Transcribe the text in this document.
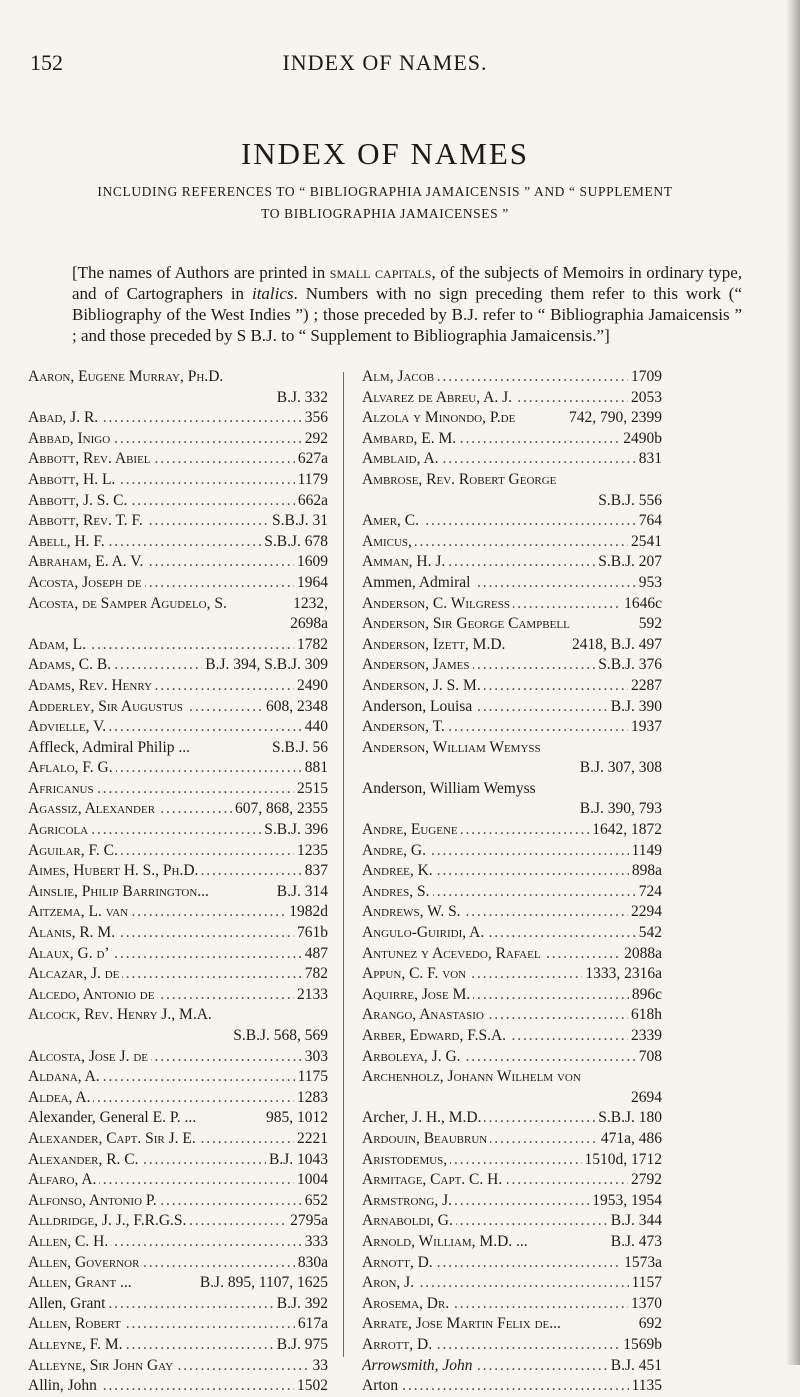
152	INDEX OF NAMES.
INDEX OF NAMES
INCLUDING REFERENCES TO “ BIBLIOGRAPHIA JAMAICENSIS ” AND “ SUPPLEMENT
TO BIBLIOGRAPHIA JAMAICENSES ”
[The names of Authors are printed in small capitals, of the subjects of Memoirs in ordinary type, and of Cartographers in italics. Numbers with no sign preceding them refer to this work (“ Bibliography of the West Indies ”) ; those preceded by B.J. refer to “ Bibliographia Jamaicensis ” ; and those preceded by S B.J. to “ Supplement to Bibliographia Jamaicensis.”]
Aaron, Eugene Murray, Ph.D.
B.J. 332
Abad, J. R.	356
. . .
Abbad, Inigo	292
. . .
Abbott, Rev. Abiel	627a
. . .
Abbott, H. L.	1179
. . .
Abbott, J. S. C.	662a
. . .
Abbott, Rev. T. F.	S.B.J. 31
. . .
Abell, H. F.	S.B.J. 678
. . .
Abraham, E. A. V.	1609
. . .
Acosta, Joseph de	1964
. . .
Acosta, de Samper Agudelo, S.	1232,
2698a
Adam, L.	1782
. . .
Adams, C. B.	B.J. 394, S.B.J. 309
. . .
Adams, Rev. Henry	2490
. . .
Adderley, Sir Augustus	608, 2348
. . .
Advielle, V.	440
. . .
Affleck, Admiral Philip ...	S.B.J. 56
Aflalo, F. G.	881
. . .
Africanus	2515
. . .
Agassiz, Alexander	607, 868, 2355
. . .
Agricola	S.B.J. 396
. . .
Aguilar, F. C.	1235
. . .
Aimes, Hubert H. S., Ph.D.	837
. . .
Ainslie, Philip Barrington...	B.J. 314
Aitzema, L. van	1982d
. . .
Alanis, R. M.	761b
. . .
Alaux, G. d’	487
. . .
Alcazar, J. de	782
. . .
Alcedo, Antonio de	2133
. . .
Alcock, Rev. Henry J., M.A.
S.B.J. 568, 569
Alcosta, Jose J. de	303
. . .
Aldana, A.	1175
. . .
Aldea, A.	1283
. . .
Alexander, General E. P. ...	985, 1012
Alexander, Capt. Sir J. E.	2221
. . .
Alexander, R. C.	B.J. 1043
. . .
Alfaro, A.	1004
. . .
Alfonso, Antonio P.	652
. . .
Alldridge, J. J., F.R.G.S.	2795a
. . .
Allen, C. H.	333
. . .
Allen, Governor	830a
. . .
Allen, Grant ...	B.J. 895, 1107, 1625
Allen, Grant	B.J. 392
. . .
Allen, Robert	617a
. . .
Alleyne, F. M.	B.J. 975
. . .
Alleyne, Sir John Gay	33
. . .
Allin, John	1502
. . .
Alm, Jacob	1709
. . .
Alvarez de Abreu, A. J.	2053
. . .
Alzola y Minondo, P.de	742, 790, 2399
Ambard, E. M.	2490b
. . .
Amblaid, A.	831
. . .
Ambrose, Rev. Robert George
S.B.J. 556
Amer, C.	764
. . .
Amicus,	2541
. . .
Amman, H. J.	S.B.J. 207
. . .
Ammen, Admiral	953
. . .
Anderson, C. Wilgress	1646c
. . .
Anderson, Sir George Campbell	592
Anderson, Izett, M.D.	2418, B.J. 497
Anderson, James	S.B.J. 376
. . .
Anderson, J. S. M.	2287
. . .
Anderson, Louisa	B.J. 390
. . .
Anderson, T.	1937
. . .
Anderson, William Wemyss
B.J. 307, 308
Anderson, William Wemyss
B.J. 390, 793
Andre, Eugene	1642, 1872
. . .
Andre, G.	1149
. . .
Andree, K.	898a
. . .
Andres, S.	724
. . .
Andrews, W. S.	2294
. . .
Angulo-Guiridi, A.	542
. . .
Antunez y Acevedo, Rafael	2088a
. . .
Appun, C. F. von	1333, 2316a
. . .
Aquirre, Jose M.	896c
. . .
Arango, Anastasio	618h
. . .
Arber, Edward, F.S.A.	2339
. . .
Arboleya, J. G.	708
. . .
Archenholz, Johann Wilhelm von
2694
Archer, J. H., M.D.	S.B.J. 180
. . .
Ardouin, Beaubrun	471a, 486
. . .
Aristodemus,	1510d, 1712
. . .
Armitage, Capt. C. H.	2792
. . .
Armstrong, J.	1953, 1954
. . .
Arnaboldi, G.	B.J. 344
. . .
Arnold, William, M.D. ...	B.J. 473
Arnott, D.	1573a
. . .
Aron, J.	1157
. . .
Arosema, Dr.	1370
. . .
Arrate, Jose Martin Felix de...	692
Arrott, D.	1569b
. . .
Arrowsmith, John	B.J. 451
. . .
Arton	1135
. . .
